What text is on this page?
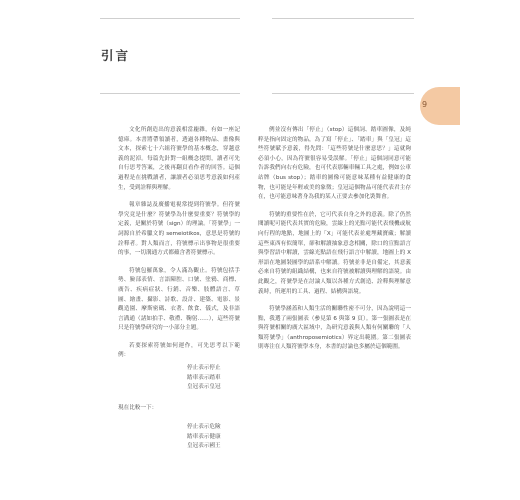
引言
9

文化所創造出的意義相當龐雜，有如一座記憶庫。本書將帶領讀者，透過各種物品、畫像與文本，探索七十六組符號學的基本概念，穿越意義的泥淖。每篇先針對一組概念提問，讀者可先自行思考答案，之後再翻頁看作者的回答。這個過程是在挑戰讀者，讓讀者必須思考意義如何產生，受到詮釋與理解。

報章雜誌及廣播電視常提到符號學。但符號學究竟是什麼？符號學為什麼要重要？符號學的定義，是關於符號（sign）的理論。「符號學」一詞源自於希臘文的 semeiotikos，意思是符號的詮釋者。對人類而言，符號標示出事物是很重要的事，一切溝通方式都蘊含著符號標示。

符號包羅萬象，令人滿為觀止。符號包括手勢、臉部表情、言語陳腔、口號、塗鴉、商標、廣告、疾病症狀、行銷、音樂、肢體語言、草圖、繪畫、攝影、詩歌、設計、建築、電影、景觀造園、摩斯密碼、衣著、飲食、儀式，及非語言溝通（諸如拍手、敬禮、鞠躬……），這些符號只是符號學研究的一小部分主題。

若要探索符號如何運作，可先思考以下範例：

停止表示停止
踏車表示踏車
皇冠表示皇冠
現在比較一下：
停止表示危險
踏車表示健康
皇冠表示國王

例並沒有傳出「停止」（stop）這個詞、踏車圖像，及純粹是指向固定的物品，為了寫「停止」、「踏車」與「皇冠」這些符號賦予意義，得先問：「這些符號是什麼意思？」這就夠必須小心，因為符號很容易受誤解。「停止」這個詞同意可能告訴我們向右有危險，也可代表那輛車輛工具之處，例如公車站牌（bus stop）；踏車的圖像可能意味某種有益健康的食物，也可能是年輕或美的象徵；皇冠這個物品可能代表君主存在，也可能意味著身為我的某人正要去參加化裝舞會。

符號的重要性在於，它可代表自身之外的意義。除了仍然閱讀呢可能代表其實的危險，雲線上的光點可能代表飛機或航向行程的地點，地圖上的「X」可能代表並處埋藏寶藏；解讀這些東西有似簡單，卻和解讀抽象意念相關，除口的宣點語言與學習語中解讀，雲線光點語在飛行語言中解讀，地圖上的 X 形語在地圖裝圖學的語系中解讀。符號並非是自備定，其意義必來自符號的組織結構，也來自符號被解讀與理解的語境。由此觀之，符號學是在討論人類以各種方式創造、詮釋與理解意義時，所運用的工具、過程、結構與語境。

符號學涵蓋和人類生活的關聯性密不可分，因為說明這一點，我選了兩張圖表（參見第 6 與第 9 頁）。第一張圖表是在與符號相關的廣大區域中，為研究意義與人類有何關聯的「人類符號學」（anthroposemiotics）界定出範圍。第二張圖表則專注在人類符號學本身，本書的討論也多屬於這個範圍。
